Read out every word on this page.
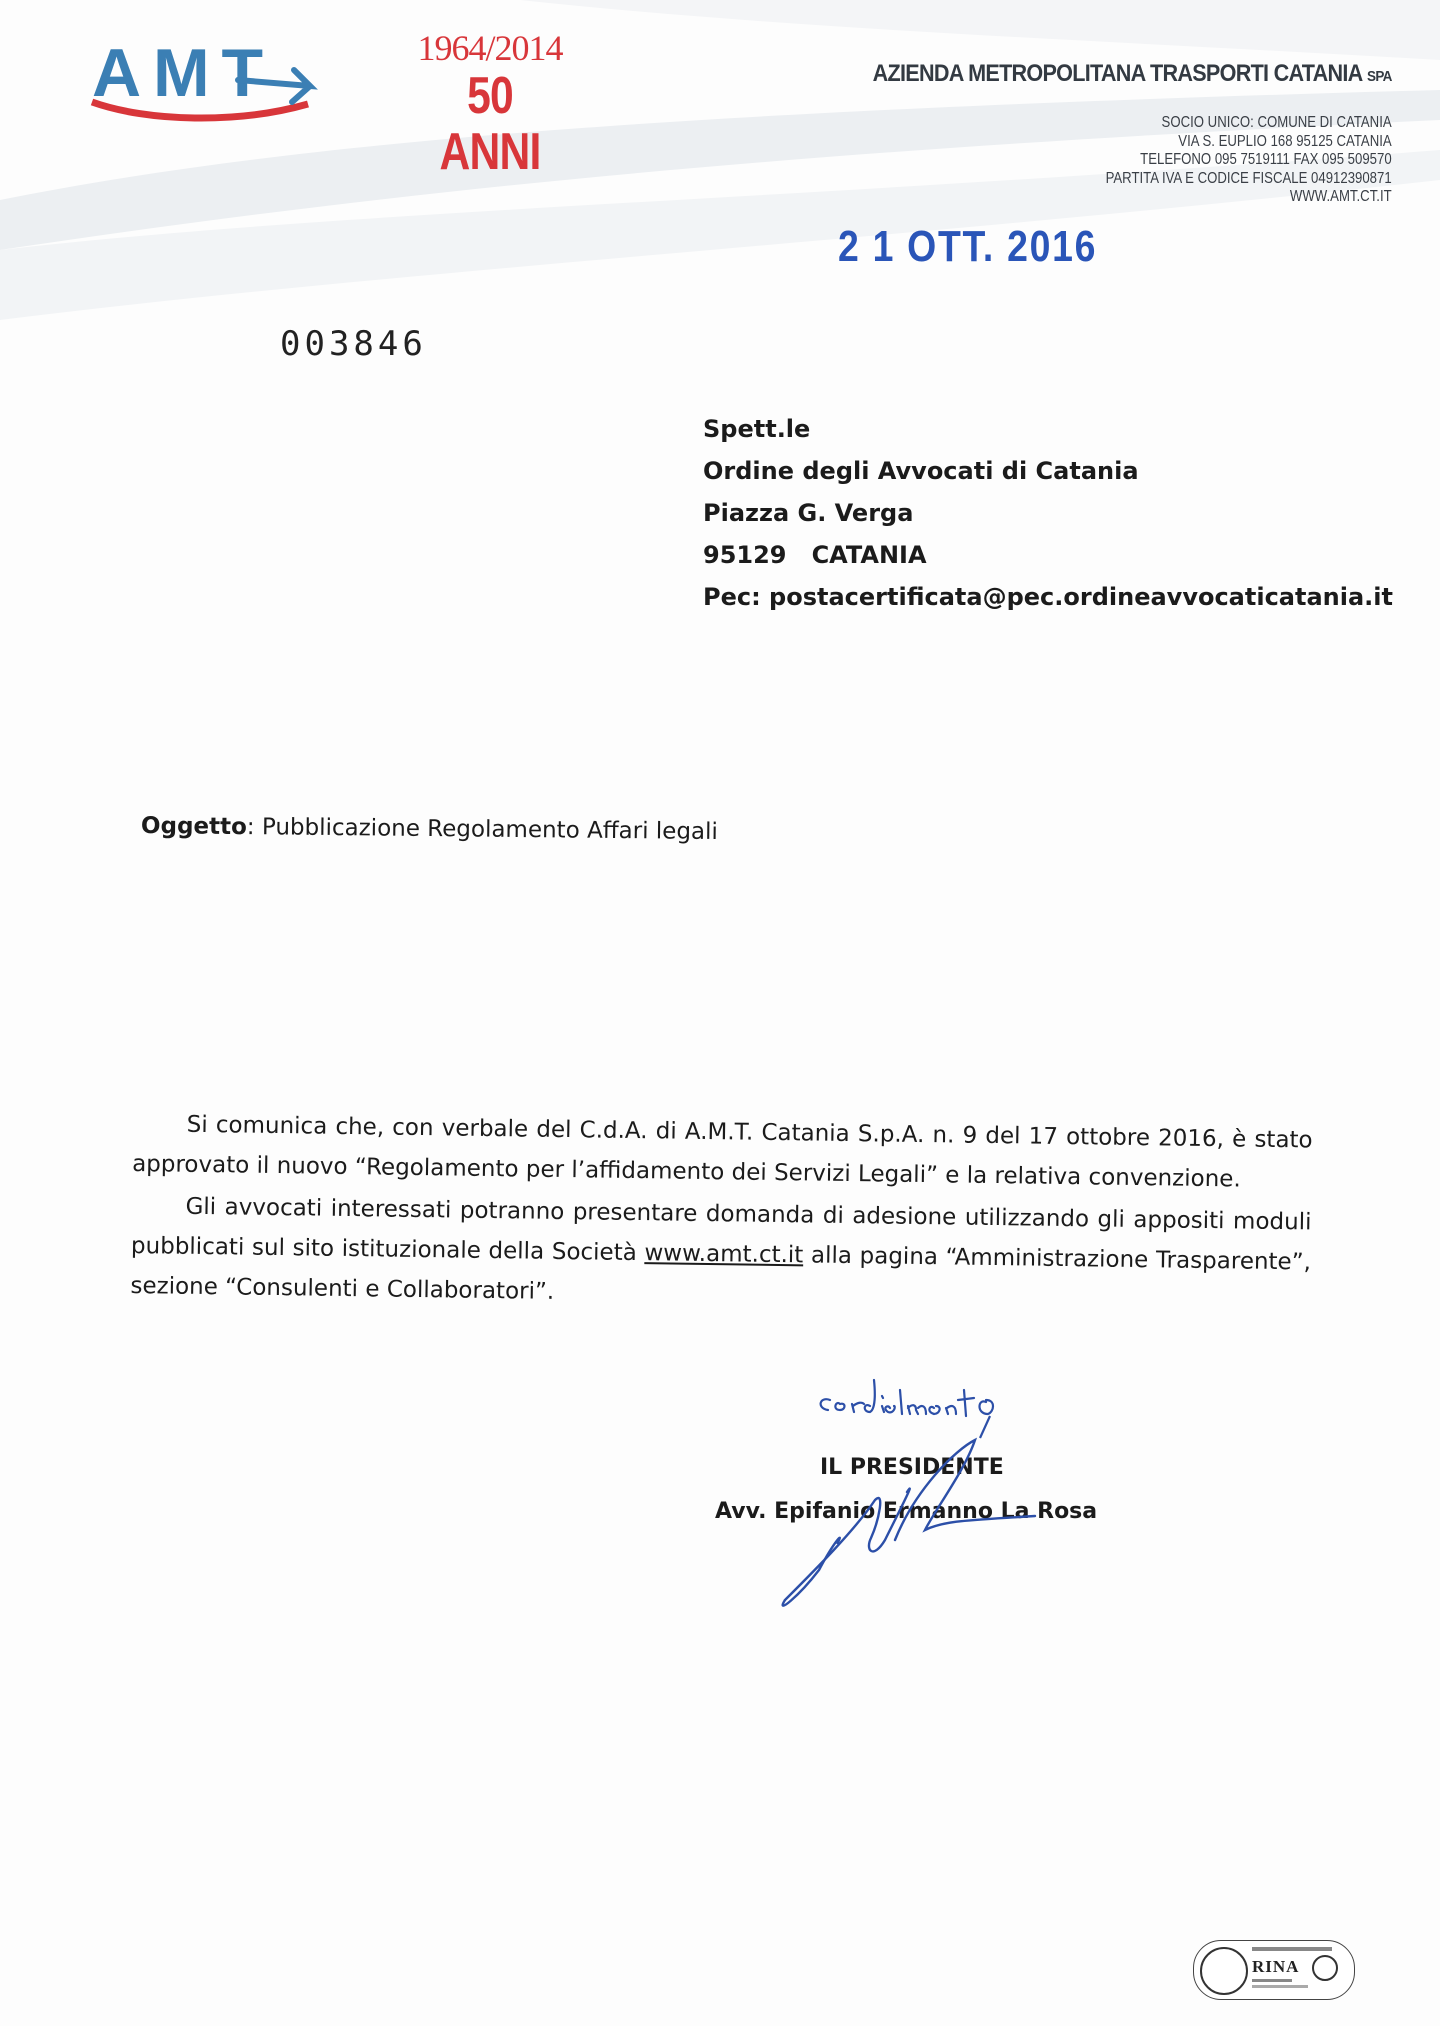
AMT	1964/2014
50 ANNI
AZIENDA METROPOLITANA TRASPORTI CATANIA SPA
SOCIO UNICO: COMUNE DI CATANIA
VIA S. EUPLIO 168 95125 CATANIA
TELEFONO 095 7519111 FAX 095 509570
PARTITA IVA E CODICE FISCALE 04912390871
WWW.AMT.CT.IT
2 1 OTT. 2016
003846
Spett.le
Ordine degli Avvocati di Catania
Piazza G. Verga
95129   CATANIA
Pec: postacertificata@pec.ordineavvocaticatania.it
Oggetto: Pubblicazione Regolamento Affari legali

Si comunica che, con verbale del C.d.A. di A.M.T. Catania S.p.A. n. 9 del 17 ottobre 2016, è stato approvato il nuovo “Regolamento per l’affidamento dei Servizi Legali” e la relativa convenzione.

Gli avvocati interessati potranno presentare domanda di adesione utilizzando gli appositi moduli pubblicati sul sito istituzionale della Società www.amt.ct.it alla pagina “Amministrazione Trasparente”, sezione “Consulenti e Collaboratori”.

IL PRESIDENTE
Avv. Epifanio Ermanno La Rosa
RINA
